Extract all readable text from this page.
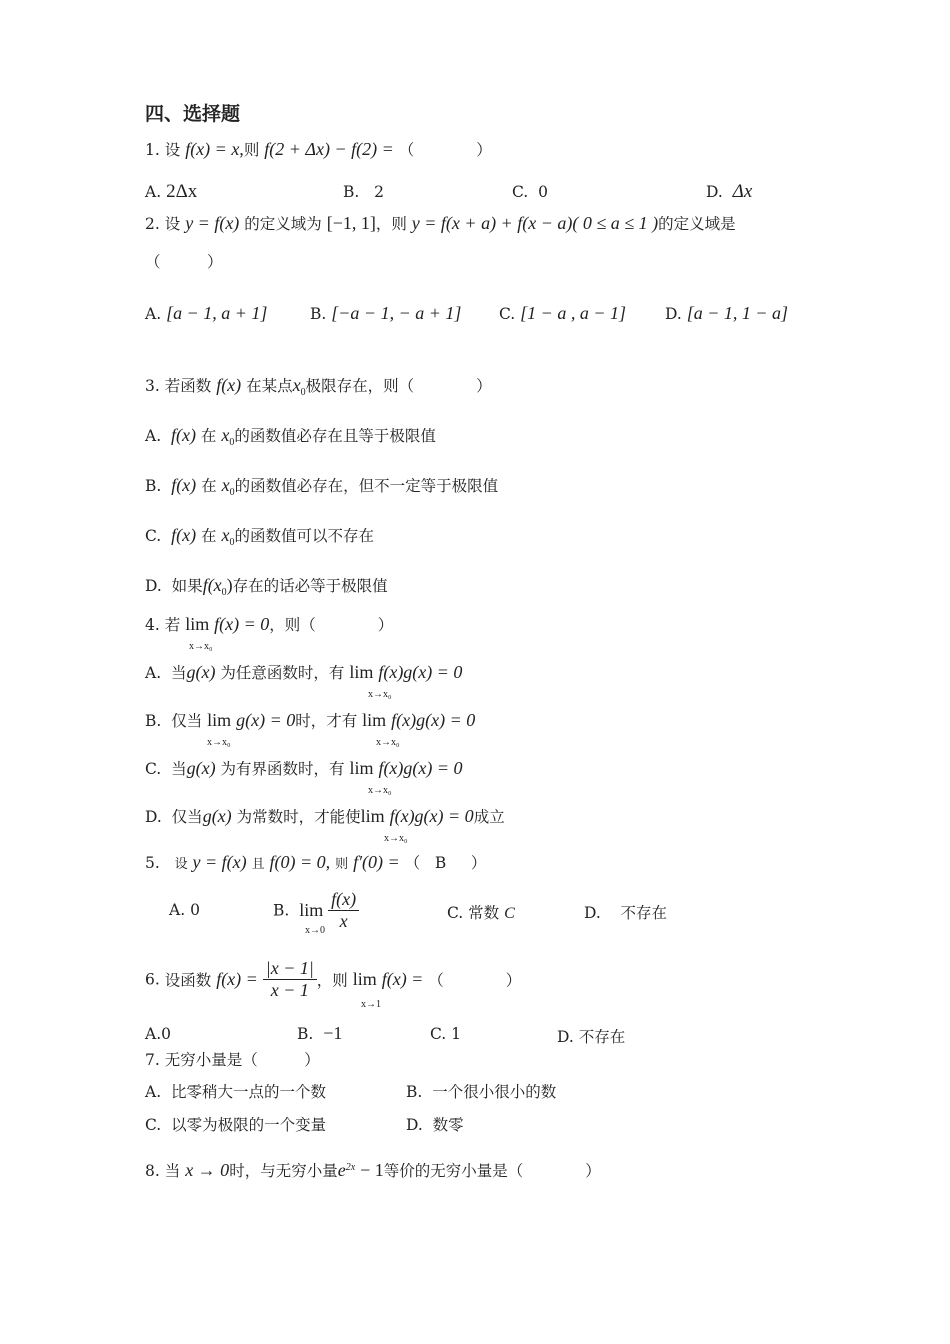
四、选择题
1. 设 f(x) = x,则 f(2 + Δx) − f(2) = （　　　　）
A. 2Δx	B. 2	C. 0	D. Δx
2. 设 y = f(x) 的定义域为 [−1, 1]，则 y = f(x + a) + f(x − a)( 0 ≤ a ≤ 1 )的定义域是
（　　　）
A. [a − 1, a + 1]	B. [−a − 1, − a + 1] C. [1 − a , a − 1]	D. [a − 1, 1 − a]
3. 若函数 f(x) 在某点$x_0$极限存在，则（　　　　）
A. f(x) 在 $x_0$的函数值必存在且等于极限值
B. f(x) 在 $x_0$的函数值必存在，但不一定等于极限值
C. f(x) 在 $x_0$的函数值可以不存在
D. 如果$f(x_0)$存在的话必等于极限值
4. 若 lim f(x) = 0，则（　　　　）
x→x₀
A. 当g(x) 为任意函数时，有 lim f(x)g(x) = 0
x→x₀
B. 仅当 lim g(x) = 0时，才有 lim f(x)g(x) = 0
x→x₀	x→x₀
C. 当g(x) 为有界函数时，有 lim f(x)g(x) = 0
x→x₀
D. 仅当g(x) 为常数时，才能使lim f(x)g(x) = 0成立
x→x₀
5. 设 y = f(x) 且 f(0) = 0, 则 f′(0) = （ B ）
A. 0	B. $\lim \frac{f(x)}{x}$
x→0
C. 常数 C	D. 不存在
6. 设函数 $f(x) = \frac{|x - 1|}{x - 1}$ ，则 lim f(x) = （　　　　）
x→1
A.0	B. −1	C. 1	D. 不存在
7. 无穷小量是（　　　）
A. 比零稍大一点的一个数	B. 一个很小很小的数
C. 以零为极限的一个变量	D. 数零
8. 当 x → 0时，与无穷小量$e^{2x} - 1$等价的无穷小量是（　　　　）
